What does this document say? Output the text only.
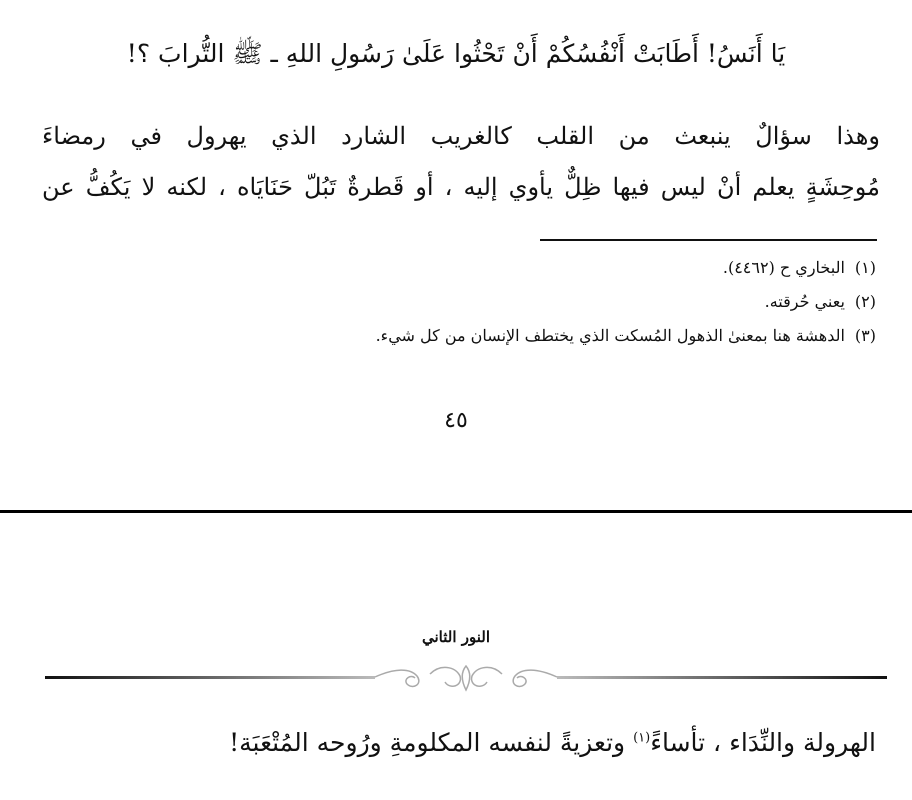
يَا أَنَسُ! أَطَابَتْ أَنْفُسُكُمْ أَنْ تَحْثُوا عَلَىٰ رَسُولِ اللهِ ـ ﷺ التُّرابَ ؟!
وهذا سؤالٌ ينبعث من القلب كالغريب الشارد الذي يهرول في رمضاءَ
مُوحِشَةٍ يعلم أنْ ليس فيها ظِلٌّ يأوي إليه ، أو قَطرةٌ تَبُلّ حَنَايَاه ، لكنه لا يَكُفُّ عن
(١)البخاري ح (٤٤٦٢).
(٢)يعني حُرقته.
(٣)الدهشة هنا بمعنىٰ الذهول المُسكت الذي يختطف الإنسان من كل شيء.
٤٥
النور الثاني
الهرولة والنِّدَاء ، تأساءً$^{(١)}$ وتعزيةً لنفسه المكلومةِ ورُوحه المُتْعَبَة!
